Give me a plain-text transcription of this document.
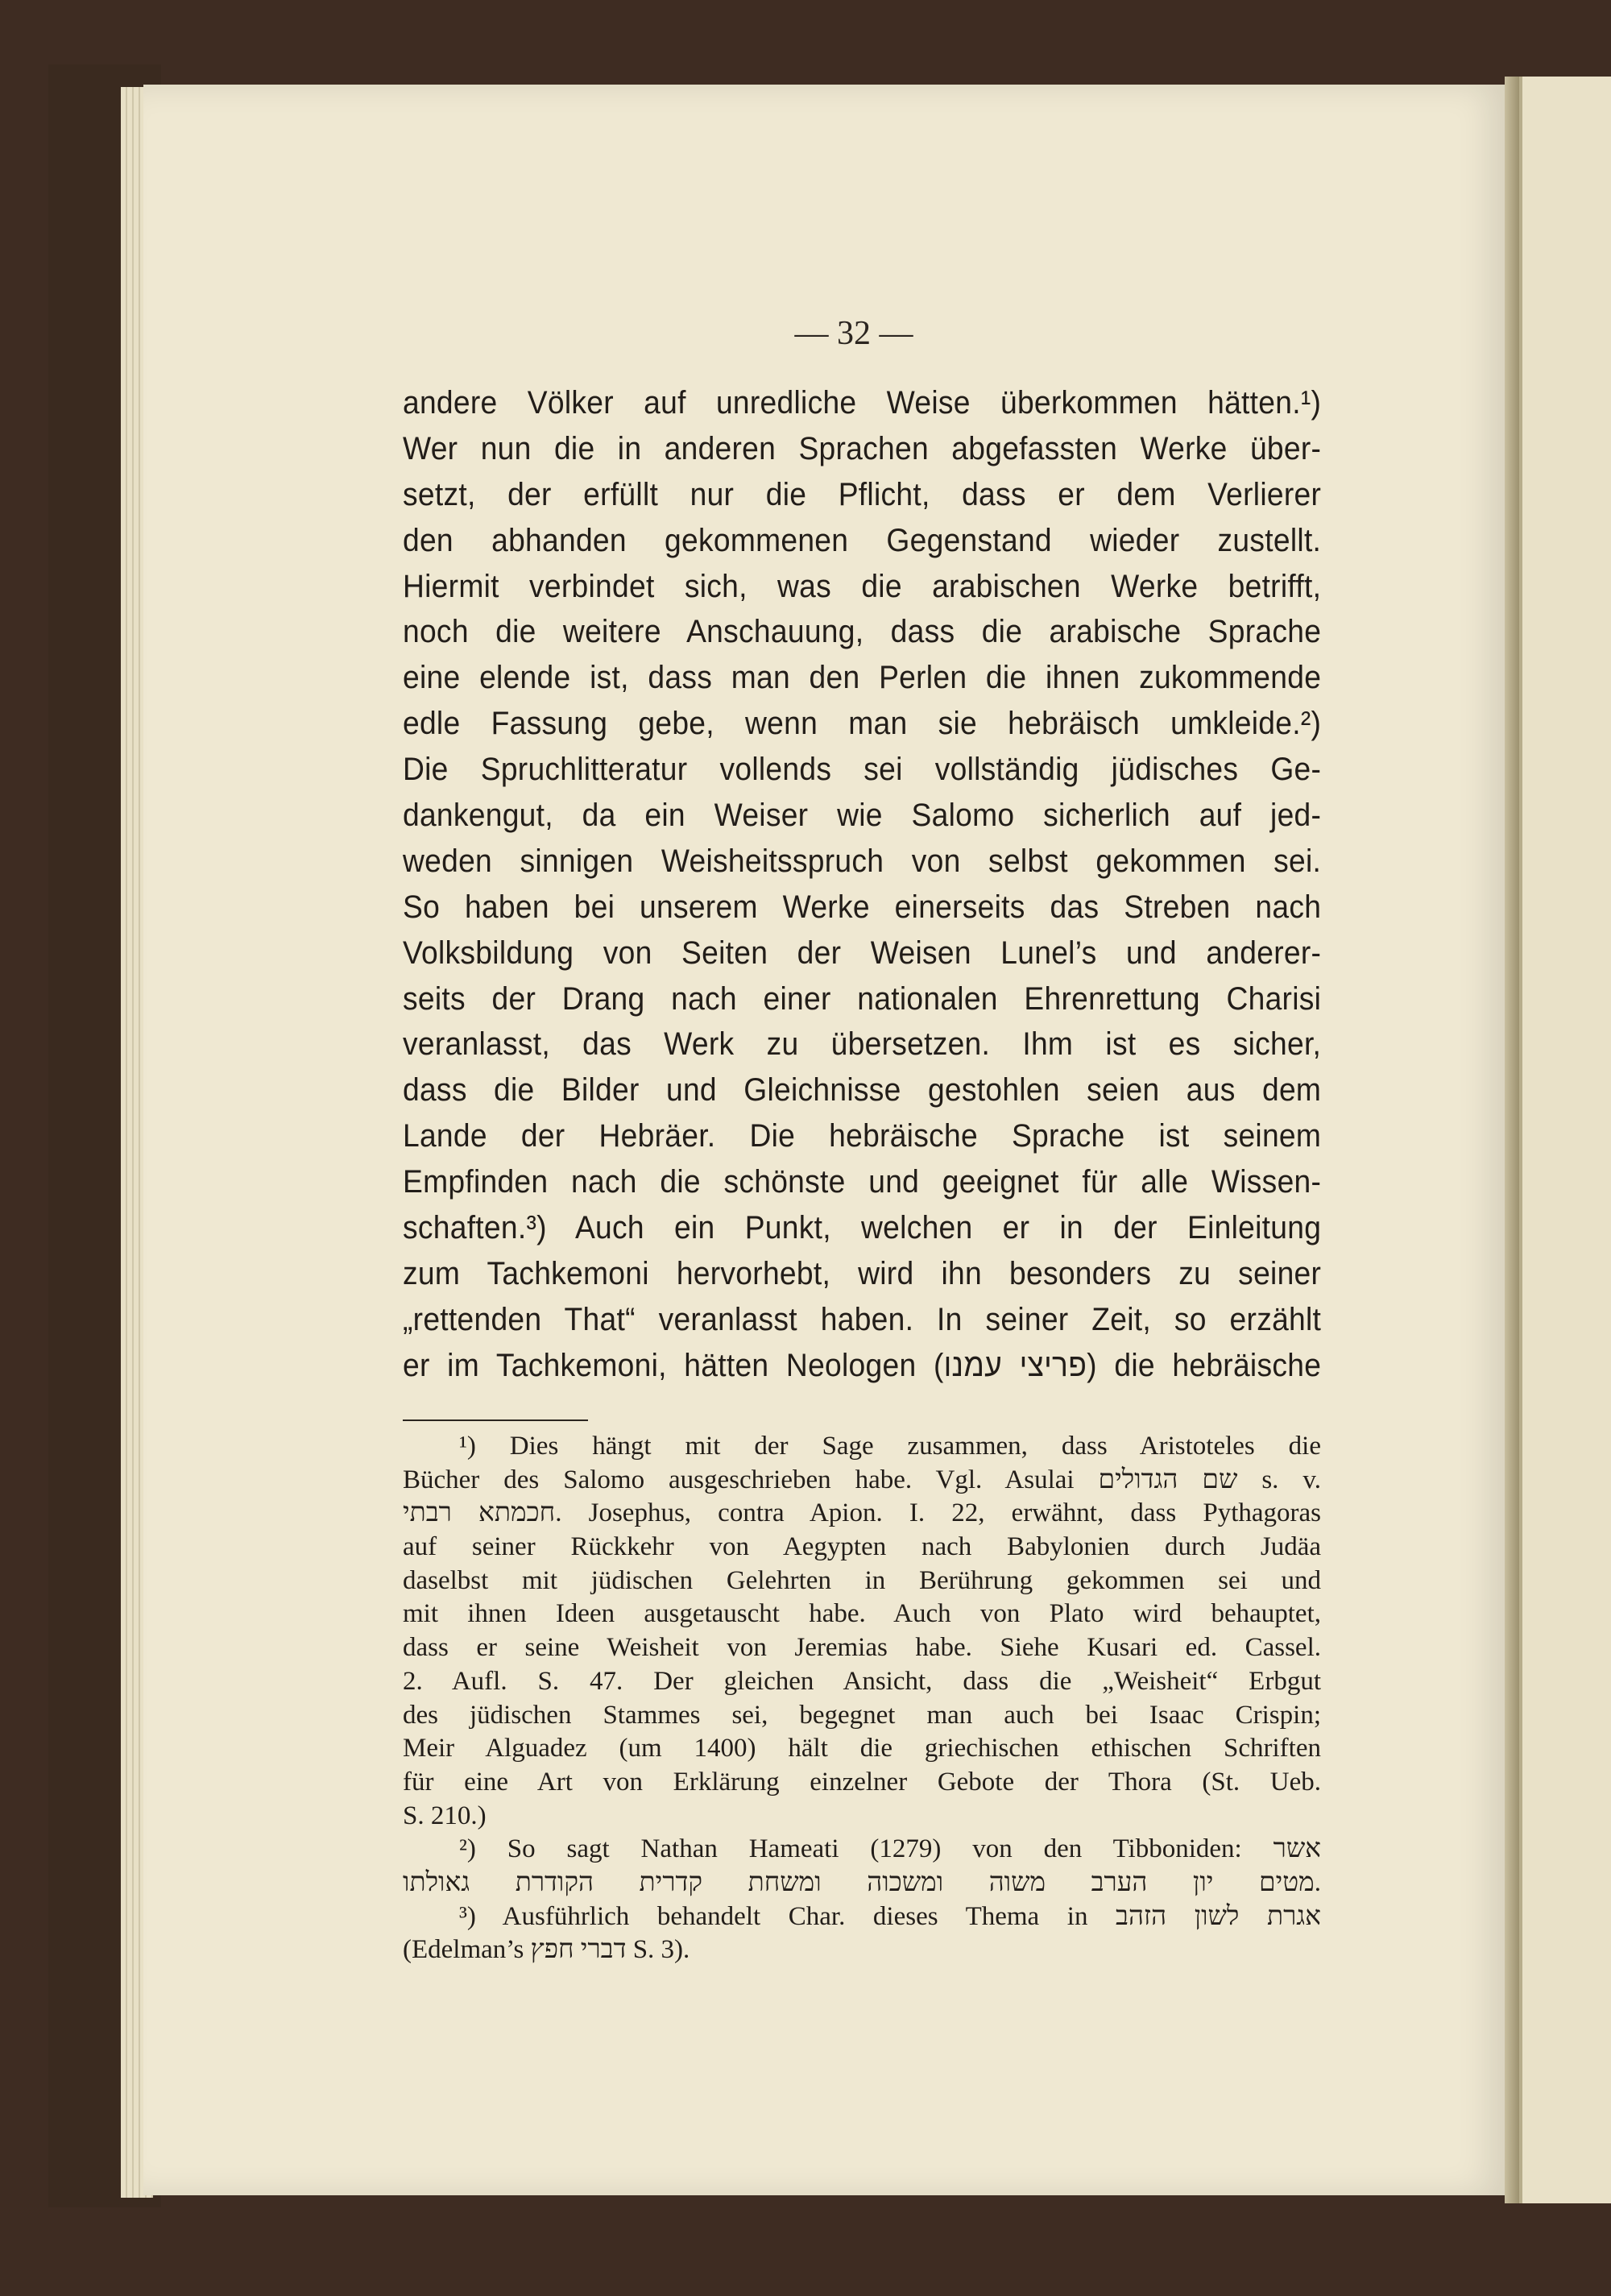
— 32 —
andere Völker auf unredliche Weise überkommen hätten.¹)
Wer nun die in anderen Sprachen abgefassten Werke über-
setzt, der erfüllt nur die Pflicht, dass er dem Verlierer
den abhanden gekommenen Gegenstand wieder zustellt.
Hiermit verbindet sich, was die arabischen Werke betrifft,
noch die weitere Anschauung, dass die arabische Sprache
eine elende ist, dass man den Perlen die ihnen zukommende
edle Fassung gebe, wenn man sie hebräisch umkleide.²)
Die Spruchlitteratur vollends sei vollständig jüdisches Ge-
dankengut, da ein Weiser wie Salomo sicherlich auf jed-
weden sinnigen Weisheitsspruch von selbst gekommen sei.
So haben bei unserem Werke einerseits das Streben nach
Volksbildung von Seiten der Weisen Lunel’s und anderer-
seits der Drang nach einer nationalen Ehrenrettung Charisi
veranlasst, das Werk zu übersetzen. Ihm ist es sicher,
dass die Bilder und Gleichnisse gestohlen seien aus dem
Lande der Hebräer. Die hebräische Sprache ist seinem
Empfinden nach die schönste und geeignet für alle Wissen-
schaften.³) Auch ein Punkt, welchen er in der Einleitung
zum Tachkemoni hervorhebt, wird ihn besonders zu seiner
„rettenden That“ veranlasst haben. In seiner Zeit, so erzählt
er im Tachkemoni, hätten Neologen (פריצי עמנו) die hebräische
¹) Dies hängt mit der Sage zusammen, dass Aristoteles die
Bücher des Salomo ausgeschrieben habe. Vgl. Asulai שם הגדולים s. v.
חכמתא רבתי. Josephus, contra Apion. I. 22, erwähnt, dass Pythagoras
auf seiner Rückkehr von Aegypten nach Babylonien durch Judäa
daselbst mit jüdischen Gelehrten in Berührung gekommen sei und
mit ihnen Ideen ausgetauscht habe. Auch von Plato wird behauptet,
dass er seine Weisheit von Jeremias habe. Siehe Kusari ed. Cassel.
2. Aufl. S. 47. Der gleichen Ansicht, dass die „Weisheit“ Erbgut
des jüdischen Stammes sei, begegnet man auch bei Isaac Crispin;
Meir Alguadez (um 1400) hält die griechischen ethischen Schriften
für eine Art von Erklärung einzelner Gebote der Thora (St. Ueb.
S. 210.)
²) So sagt Nathan Hameati (1279) von den Tibboniden: אשר
מטים יון הערב משוה ומשכוה ומשחת קדרית הקודרת גאולתו.
³) Ausführlich behandelt Char. dieses Thema in אגרת לשון הזהב
(Edelman’s דברי חפץ S. 3).
